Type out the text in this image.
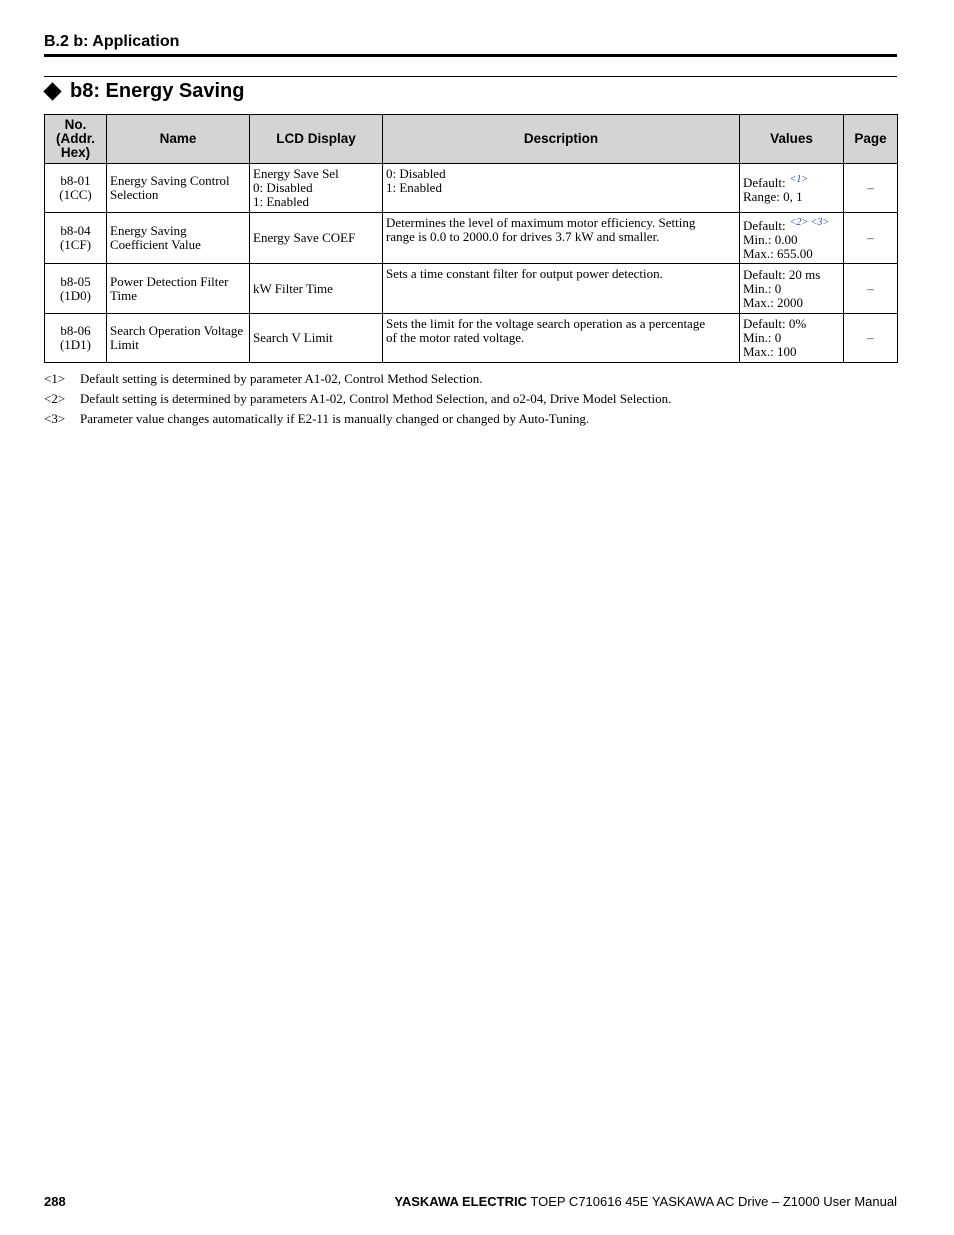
B.2 b: Application
b8: Energy Saving
No.
(Addr.
Hex)	Name	LCD Display	Description	Values	Page

b8-01
(1CC)	Energy Saving Control Selection	Energy Save Sel
0: Disabled
1: Enabled	0: Disabled
1: Enabled	Default: $^{<1>}$
Range: 0, 1	–

b8-04
(1CF)	Energy Saving Coefficient Value	Energy Save COEF	Determines the level of maximum motor efficiency. Setting
range is 0.0 to 2000.0 for drives 3.7 kW and smaller.	Default: $^{<2> <3>}$
Min.: 0.00
Max.: 655.00	–

b8-05
(1D0)	Power Detection Filter Time	kW Filter Time	Sets a time constant filter for output power detection.	Default: 20 ms
Min.: 0
Max.: 2000	–

b8-06
(1D1)	Search Operation Voltage Limit	Search V Limit	Sets the limit for the voltage search operation as a percentage
of the motor rated voltage.	Default: 0%
Min.: 0
Max.: 100	–
<1>	Default setting is determined by parameter A1-02, Control Method Selection.
<2>	Default setting is determined by parameters A1-02, Control Method Selection, and o2-04, Drive Model Selection.
<3>	Parameter value changes automatically if E2-11 is manually changed or changed by Auto-Tuning.
288	YASKAWA ELECTRIC TOEP C710616 45E YASKAWA AC Drive – Z1000 User Manual
